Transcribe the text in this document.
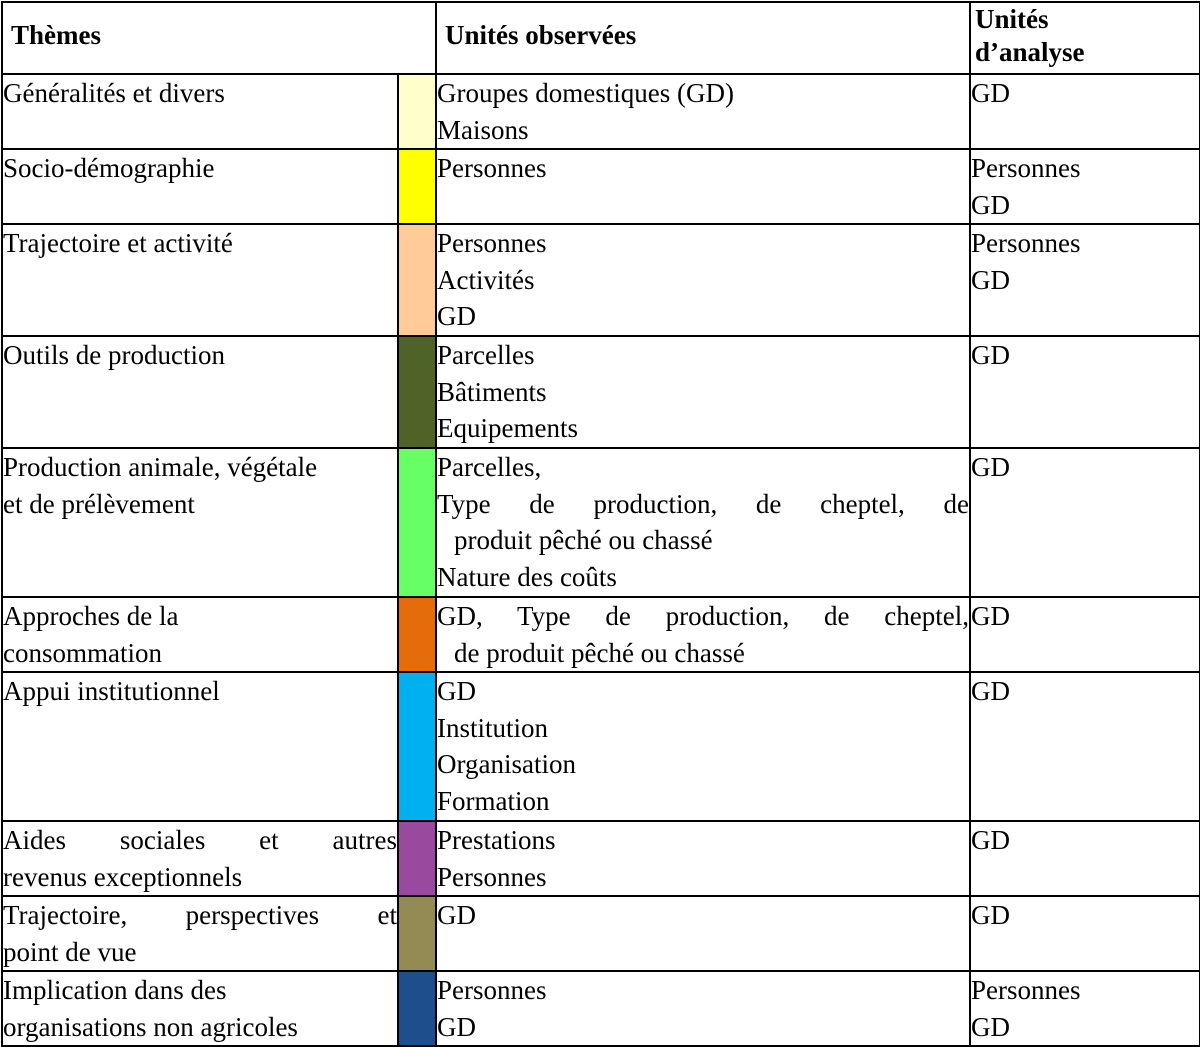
Thèmes		Unités observées	Unités
d’analyse

Généralités et divers		Groupes domestiques (GD)
Maisons	GD

Socio-démographie		Personnes	Personnes
GD

Trajectoire et activité		Personnes
Activités
GD	Personnes
GD

Outils de production		Parcelles
Bâtiments
Equipements	GD

Production animale, végétale
et de prélèvement		Parcelles,
Type de production, de cheptel, de
produit pêché ou chassé
Nature des coûts	GD

Approches de la
consommation		GD, Type de production, de cheptel,
de produit pêché ou chassé	GD

Appui institutionnel		GD
Institution
Organisation
Formation	GD

Aides sociales et autres
revenus exceptionnels		Prestations
Personnes	GD

Trajectoire, perspectives et
point de vue		GD	GD

Implication dans des
organisations non agricoles		Personnes
GD	Personnes
GD
